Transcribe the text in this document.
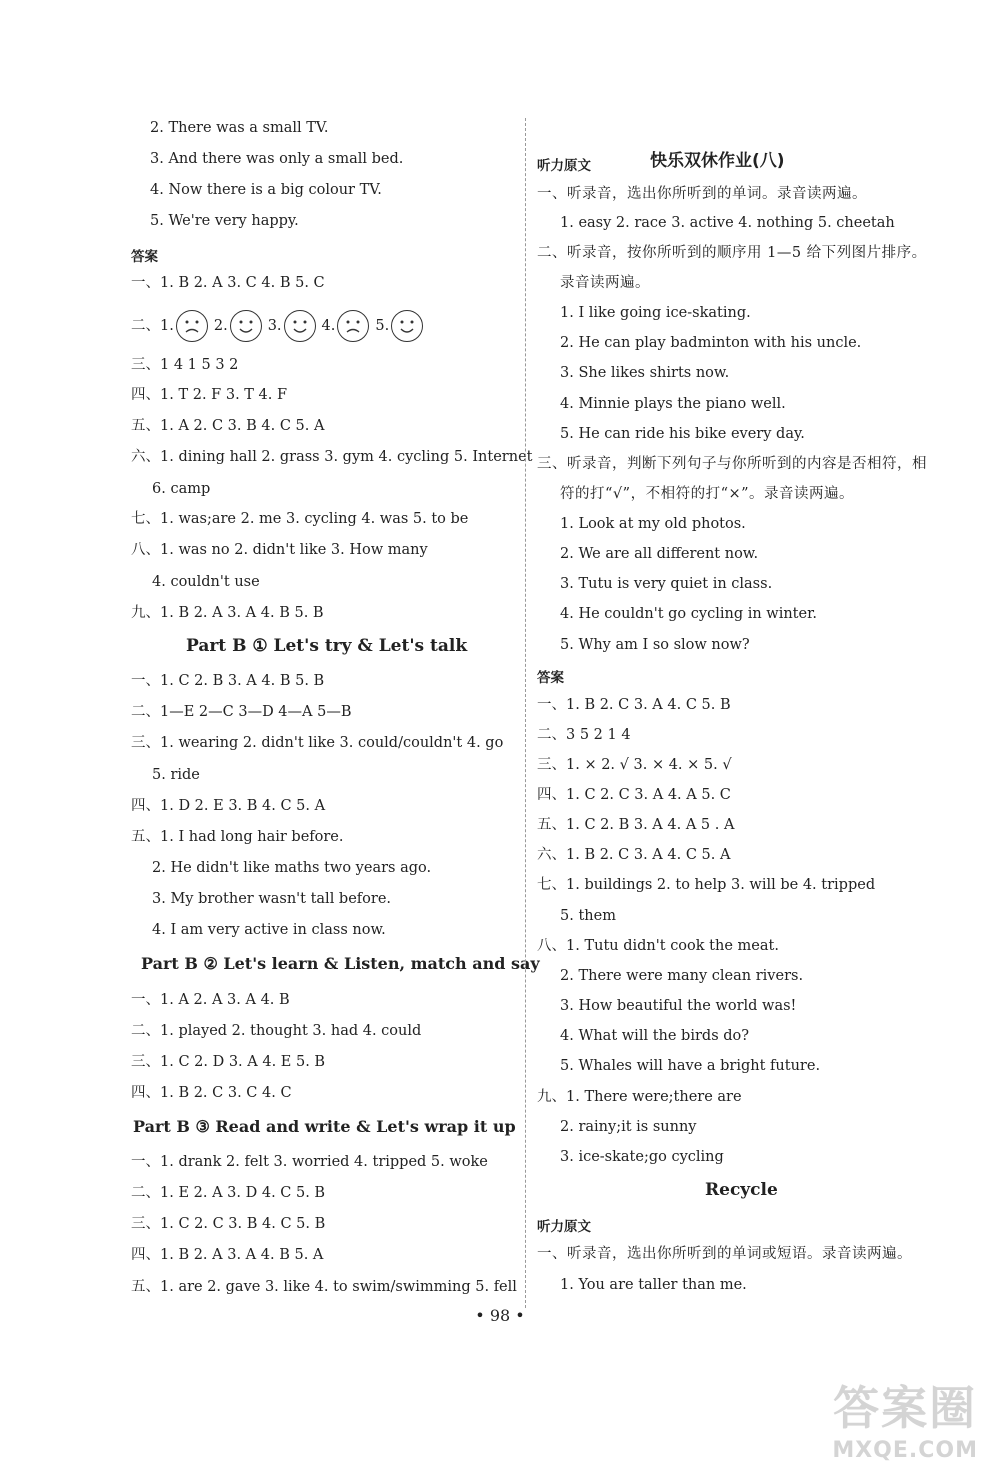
2. There was a small TV.
3. And there was only a small bed.
4. Now there is a big colour TV.
5. We're very happy.
答案
一、1. B 2. A 3. C 4. B 5. C
二、1.	2.	3.	4.	5.
三、1 4 1 5 3 2
四、1. T 2. F 3. T 4. F
五、1. A 2. C 3. B 4. C 5. A
六、1. dining hall 2. grass 3. gym 4. cycling 5. Internet
6. camp
七、1. was;are 2. me 3. cycling 4. was 5. to be
八、1. was no 2. didn't like 3. How many
4. couldn't use
九、1. B 2. A 3. A 4. B 5. B
Part B ① Let's try & Let's talk
一、1. C 2. B 3. A 4. B 5. B
二、1—E 2—C 3—D 4—A 5—B
三、1. wearing 2. didn't like 3. could/couldn't 4. go
5. ride
四、1. D 2. E 3. B 4. C 5. A
五、1. I had long hair before.
2. He didn't like maths two years ago.
3. My brother wasn't tall before.
4. I am very active in class now.
Part B ② Let's learn & Listen, match and say
一、1. A 2. A 3. A 4. B
二、1. played 2. thought 3. had 4. could
三、1. C 2. D 3. A 4. E 5. B
四、1. B 2. C 3. C 4. C
Part B ③ Read and write & Let's wrap it up
一、1. drank 2. felt 3. worried 4. tripped 5. woke
二、1. E 2. A 3. D 4. C 5. B
三、1. C 2. C 3. B 4. C 5. B
四、1. B 2. A 3. A 4. B 5. A
五、1. are 2. gave 3. like 4. to swim/swimming 5. fell
快乐双休作业(八)
听力原文
一、听录音，选出你所听到的单词。录音读两遍。
1. easy 2. race 3. active 4. nothing 5. cheetah
二、听录音，按你所听到的顺序用 1—5 给下列图片排序。
录音读两遍。
1. I like going ice-skating.
2. He can play badminton with his uncle.
3. She likes shirts now.
4. Minnie plays the piano well.
5. He can ride his bike every day.
三、听录音，判断下列句子与你所听到的内容是否相符，相
符的打“√”，不相符的打“×”。录音读两遍。
1. Look at my old photos.
2. We are all different now.
3. Tutu is very quiet in class.
4. He couldn't go cycling in winter.
5. Why am I so slow now?
答案
一、1. B 2. C 3. A 4. C 5. B
二、3 5 2 1 4
三、1. × 2. √ 3. × 4. × 5. √
四、1. C 2. C 3. A 4. A 5. C
五、1. C 2. B 3. A 4. A 5 . A
六、1. B 2. C 3. A 4. C 5. A
七、1. buildings 2. to help 3. will be 4. tripped
5. them
八、1. Tutu didn't cook the meat.
2. There were many clean rivers.
3. How beautiful the world was!
4. What will the birds do?
5. Whales will have a bright future.
九、1. There were;there are
2. rainy;it is sunny
3. ice-skate;go cycling
Recycle
听力原文
一、听录音，选出你所听到的单词或短语。录音读两遍。
1. You are taller than me.
• 98 •
答案圈
MXQE.COM
